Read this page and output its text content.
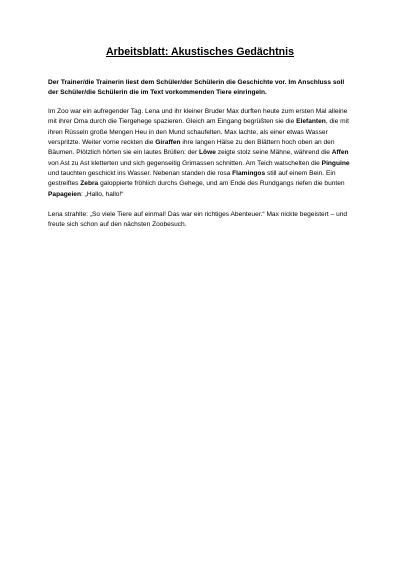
Arbeitsblatt: Akustisches Gedächtnis

Der Trainer/die Trainerin liest dem Schüler/der Schülerin die Geschichte vor. Im Anschluss soll der Schüler/die Schülerin die im Text vorkommenden Tiere einringeln.

Im Zoo war ein aufregender Tag. Lena und ihr kleiner Bruder Max durften heute zum ersten Mal alleine mit ihrer Oma durch die Tiergehege spazieren. Gleich am Eingang begrüßten sie die Elefanten, die mit ihren Rüsseln große Mengen Heu in den Mund schaufelten. Max lachte, als einer etwas Wasser verspritzte. Weiter vorne reckten die Giraffen ihre langen Hälse zu den Blättern hoch oben an den Bäumen. Plötzlich hörten sie ein lautes Brüllen: der Löwe zeigte stolz seine Mähne, während die Affen von Ast zu Ast kletterten und sich gegenseitig Grimassen schnitten. Am Teich watschelten die Pinguine und tauchten geschickt ins Wasser. Nebenan standen die rosa Flamingos still auf einem Bein. Ein gestreiftes Zebra galoppierte fröhlich durchs Gehege, und am Ende des Rundgangs riefen die bunten Papageien: „Hallo, hallo!“

Lena strahlte: „So viele Tiere auf einmal! Das war ein richtiges Abenteuer.“ Max nickte begeistert – und freute sich schon auf den nächsten Zoobesuch.
